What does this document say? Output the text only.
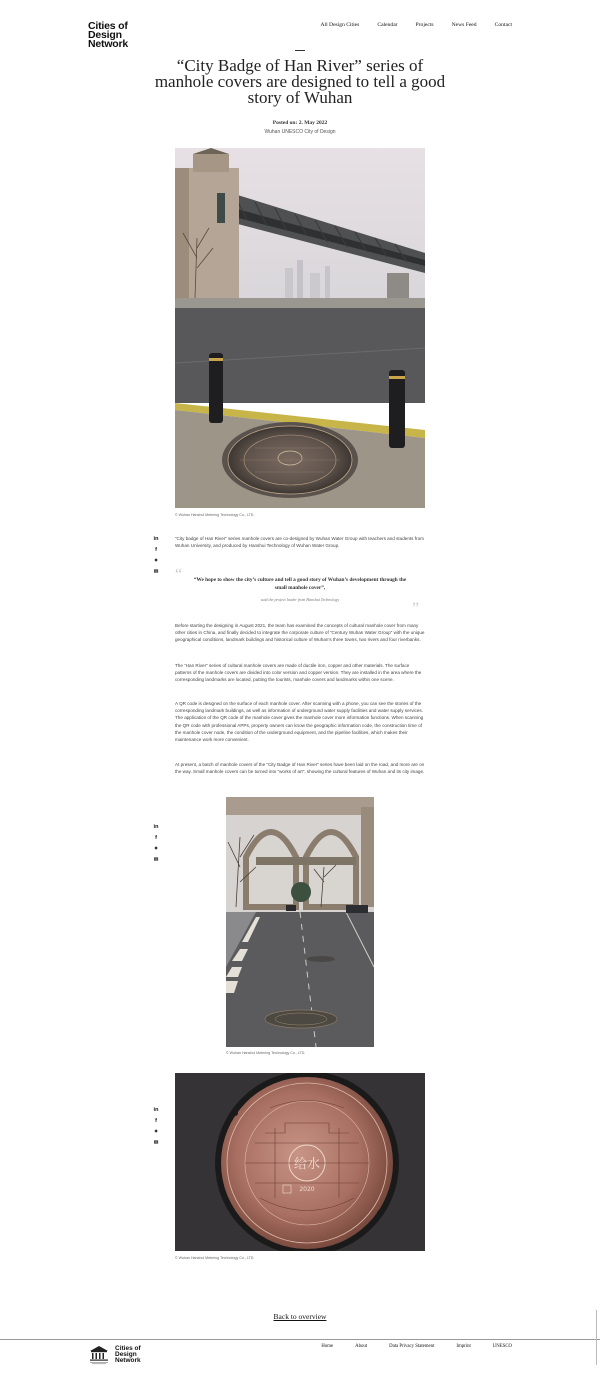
Cities of
Design
Network
All Design Cities	Calendar	Projects	News Feed	Contact
“City Badge of Han River” series of manhole covers are designed to tell a good story of Wuhan
Posted on: 2. May 2022
Wuhan UNESCO City of Design
© Wuhan Hanshui Metering Technology Co., LTD.
in
f
✦
✉

“City badge of Han River” series manhole covers are co-designed by Wuhan Water Group with teachers and students from Wuhan University, and produced by Hanshui Technology of Wuhan Water Group.

“	“We hope to show the city’s culture and tell a good story of Wuhan’s development through the small manhole cover”,

said the project leader from Hanshui Technology

”

Before starting the designing in August 2021, the team has examined the concepts of cultural manhole cover from many other cities in China, and finally decided to integrate the corporate culture of “Century Wuhan Water Group” with the unique geographical conditions, landmark buildings and historical culture of Wuhan’s three towns, two rivers and four riverbanks.

The “Han River” series of cultural manhole covers are made of ductile iron, copper and other materials. The surface patterns of the manhole covers are divided into color version and copper version. They are installed in the area where the corresponding landmarks are located, putting the tourists, manhole covers and landmarks within one scene.

A QR code is designed on the surface of each manhole cover. After scanning with a phone, you can see the stories of the corresponding landmark buildings, as well as information of underground water supply facilities and water supply services. The application of the QR code of the manhole cover gives the manhole cover more information functions. When scanning the QR code with professional APPs, property owners can know the geographic information code, the construction time of the manhole cover node, the condition of the underground equipment, and the pipeline facilities, which makes their maintenance work more convenient.

At present, a batch of manhole covers of the “City Badge of Han River” series have been laid on the road, and more are on the way. Small manhole covers can be turned into “works of art”, showing the cultural features of Wuhan and its city image.

© Wuhan Hanshui Metering Technology Co., LTD.
in
f
✦
✉
给水
2020
© Wuhan Hanshui Metering Technology Co., LTD.
in
f
✦
✉
Back to overview
Cities of
Design
Network
Home	About	Data Privacy Statement	Imprint	UNESCO
